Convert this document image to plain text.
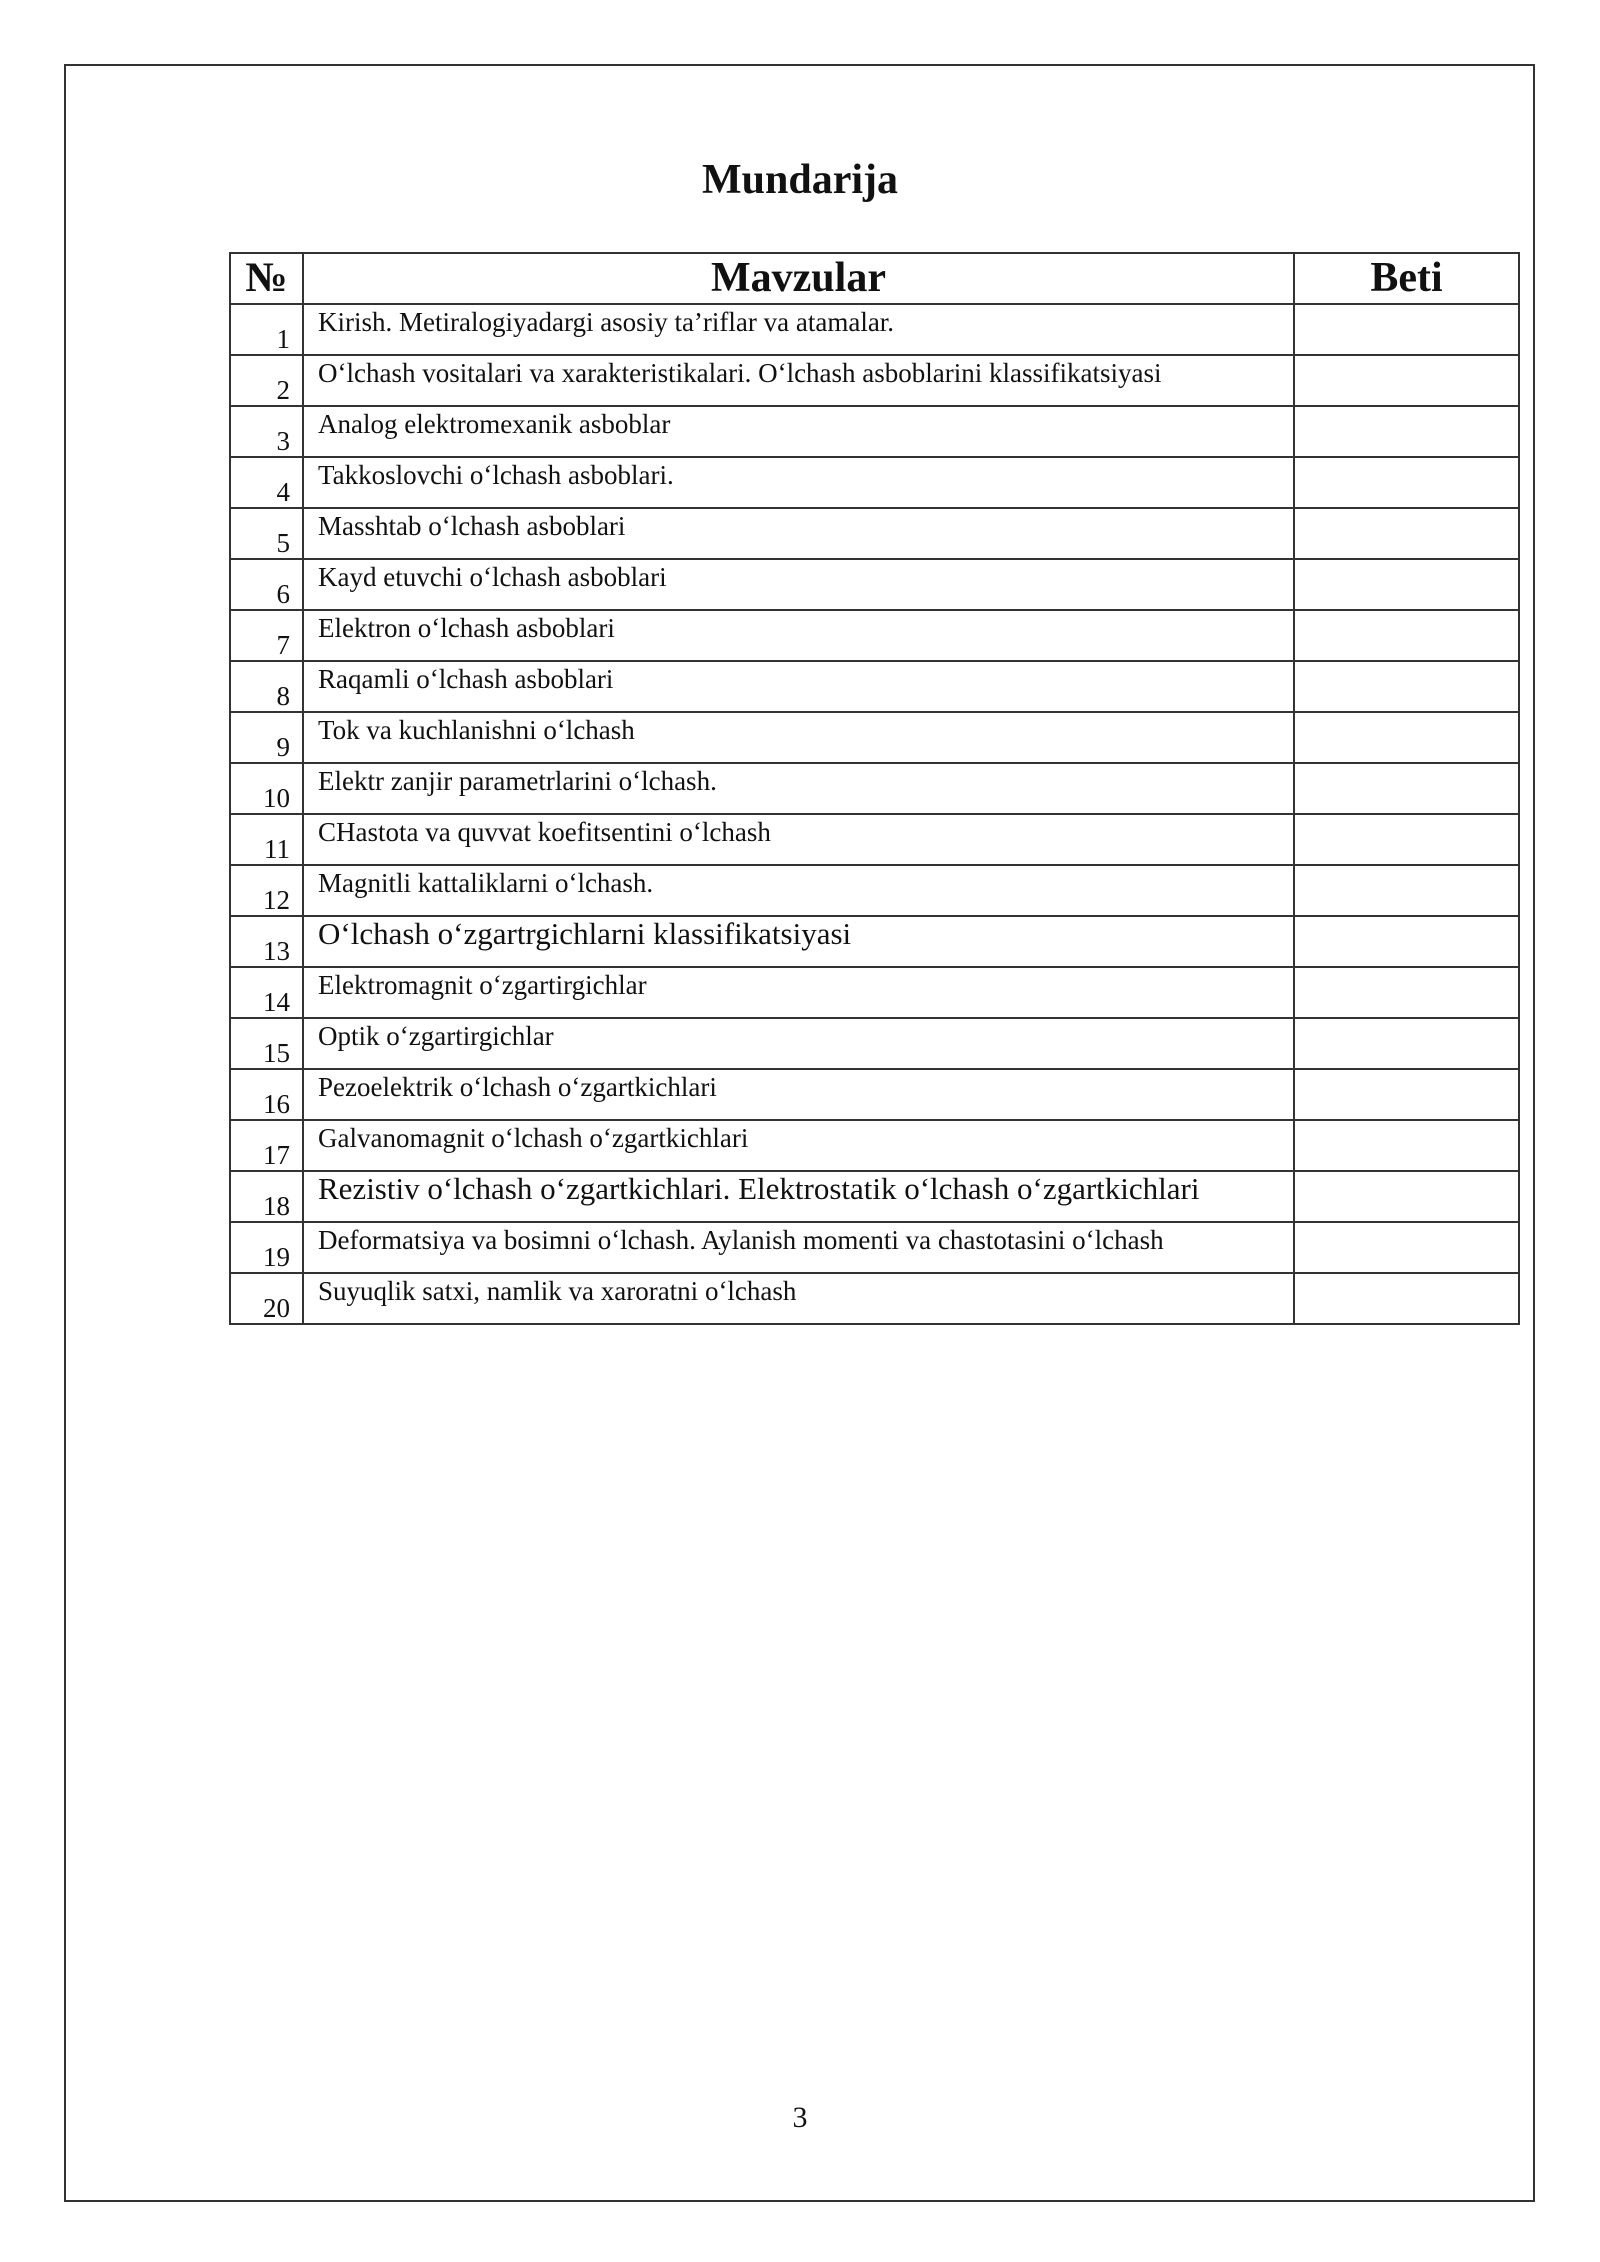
Mundarija
№	Mavzular	Beti
1	Kirish. Metiralogiyadargi asosiy ta’riflar va atamalar.	
2	O‘lchash vositalari va xarakteristikalari. O‘lchash asboblarini klassifikatsiyasi	
3	Analog elektromexanik asboblar	
4	Takkoslovchi o‘lchash asboblari.	
5	Masshtab o‘lchash asboblari	
6	Kayd etuvchi o‘lchash asboblari	
7	Elektron o‘lchash asboblari	
8	Raqamli o‘lchash asboblari	
9	Tok va kuchlanishni o‘lchash	
10	Elektr zanjir parametrlarini o‘lchash.	
11	CHastota va quvvat koefitsentini o‘lchash	
12	Magnitli kattaliklarni o‘lchash.	
13	O‘lchash o‘zgartrgichlarni klassifikatsiyasi	
14	Elektromagnit o‘zgartirgichlar	
15	Optik o‘zgartirgichlar	
16	Pezoelektrik o‘lchash o‘zgartkichlari	
17	Galvanomagnit o‘lchash o‘zgartkichlari	
18	Rezistiv o‘lchash o‘zgartkichlari. Elektrostatik o‘lchash o‘zgartkichlari	
19	Deformatsiya va bosimni o‘lchash. Aylanish momenti va chastotasini o‘lchash	
20	Suyuqlik satxi, namlik va xaroratni o‘lchash	
3
